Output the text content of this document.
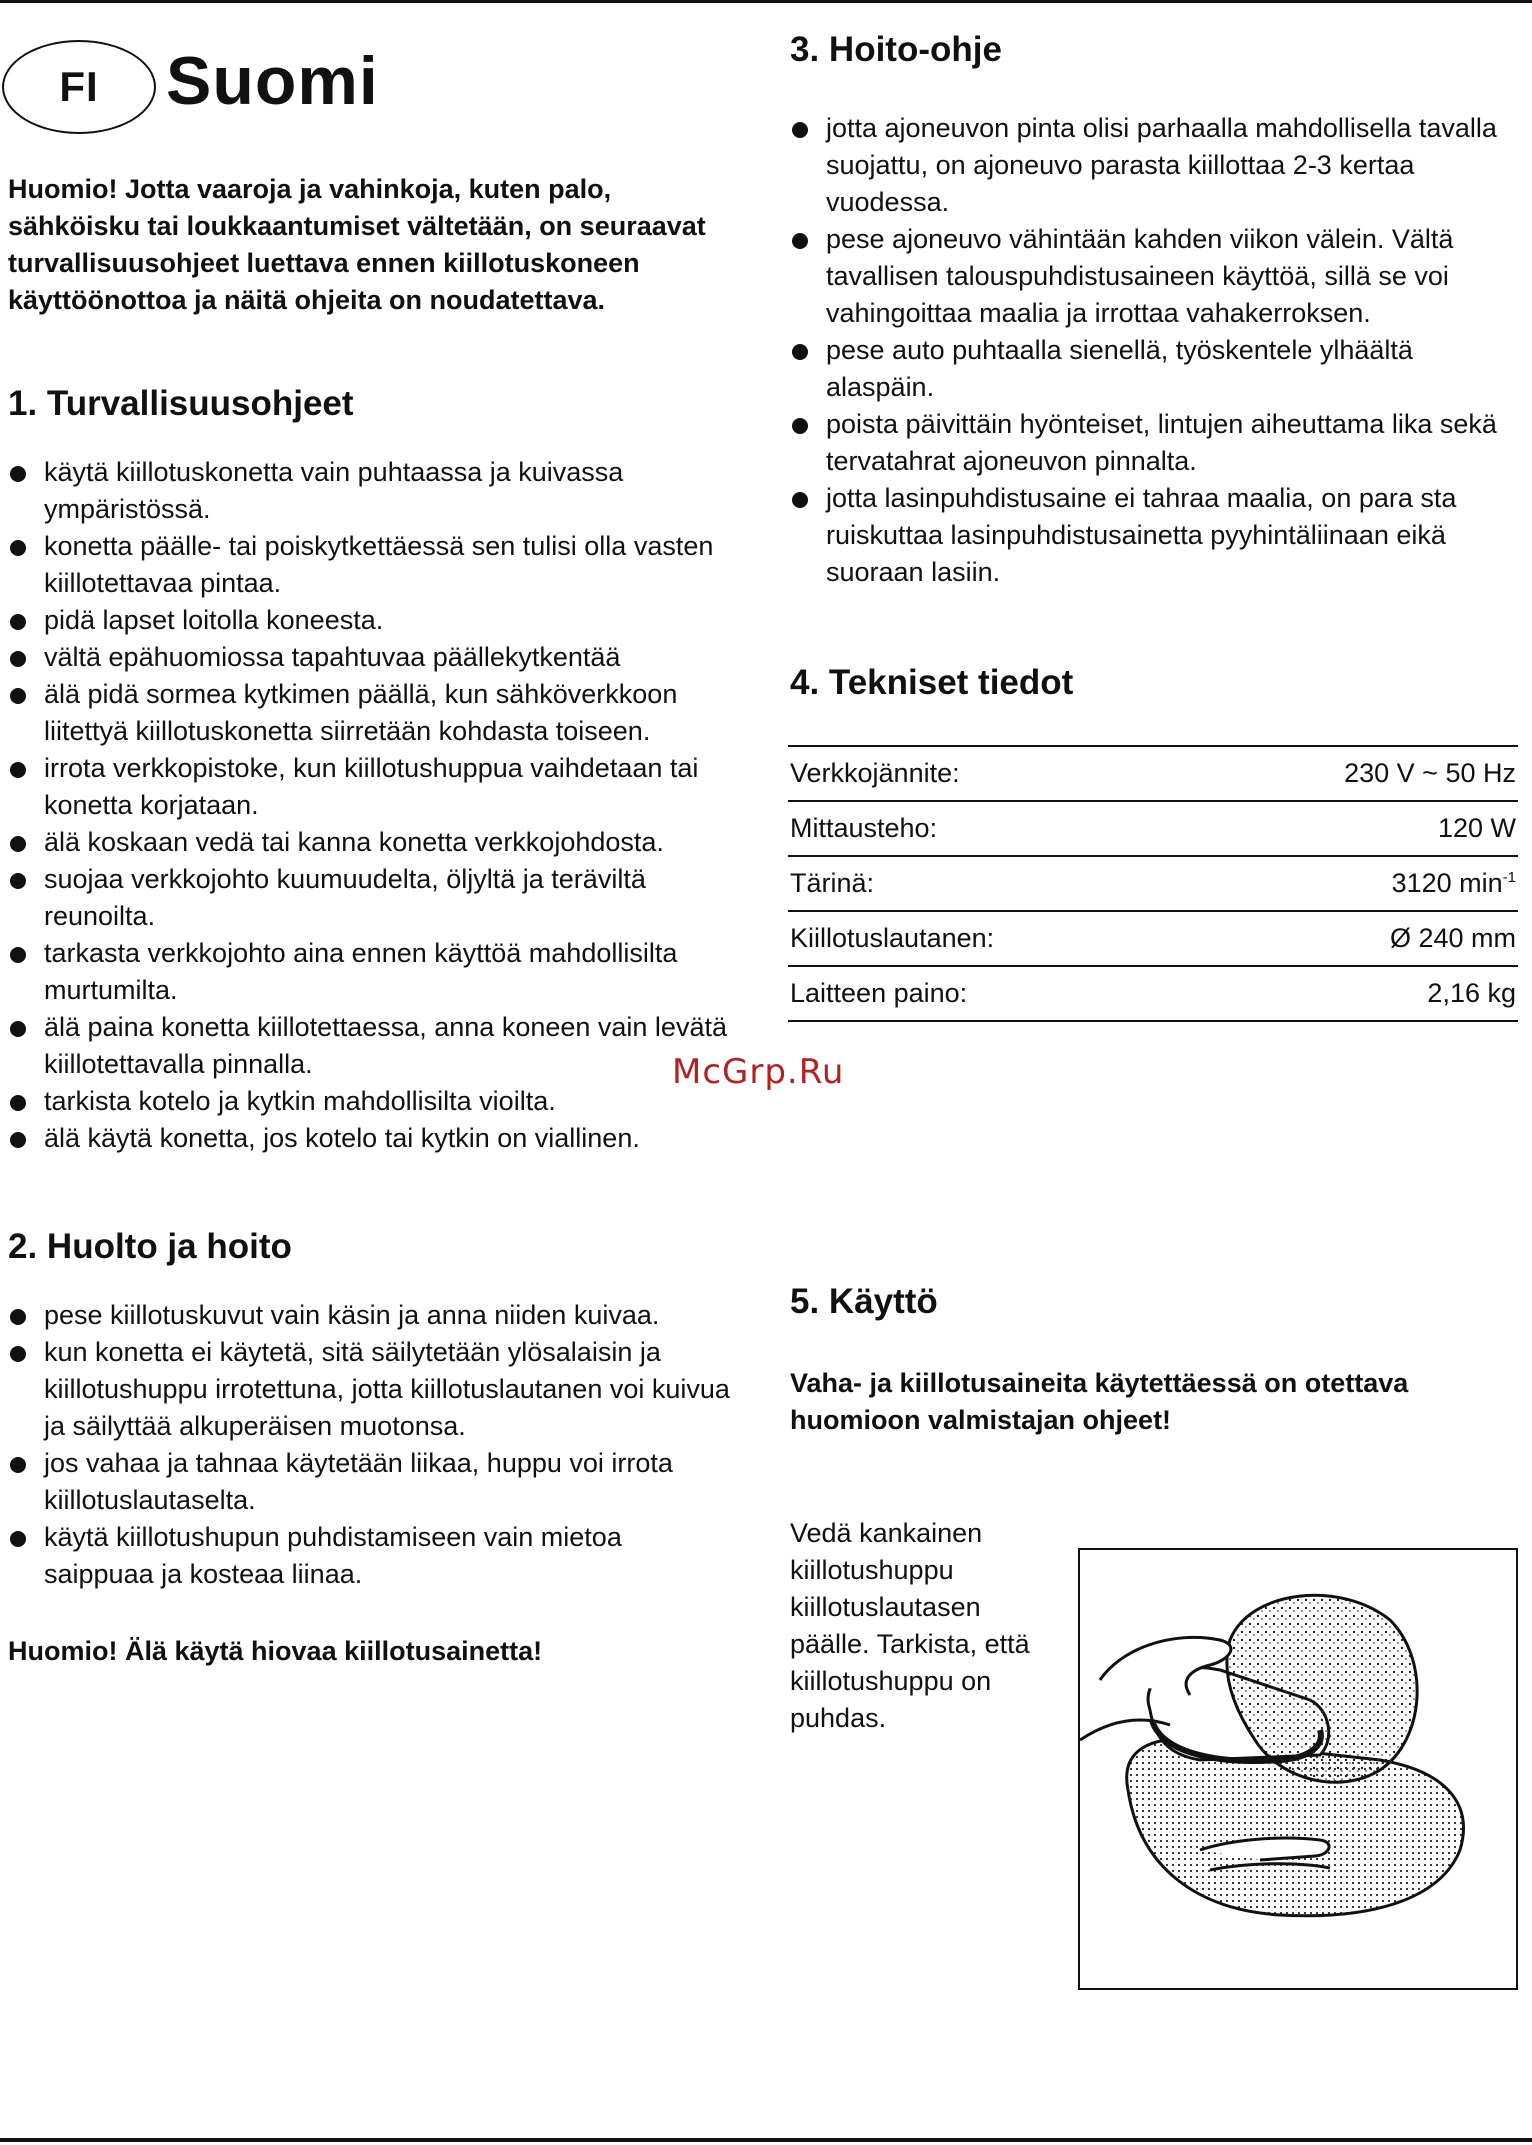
FI Suomi

Huomio! Jotta vaaroja ja vahinkoja, kuten palo, sähköisku tai loukkaantumiset vältetään, on seuraavat turvallisuusohjeet luettava ennen kiillotuskoneen käyttöönottoa ja näitä ohjeita on noudatettava.

1. Turvallisuusohjeet
käytä kiillotuskonetta vain puhtaassa ja kuivassa ympäristössä.
konetta päälle- tai poiskytkettäessä sen tulisi olla vasten kiillotettavaa pintaa.
pidä lapset loitolla koneesta.
vältä epähuomiossa tapahtuvaa päällekytkentää
älä pidä sormea kytkimen päällä, kun sähköverkkoon liitettyä kiillotuskonetta siirretään kohdasta toiseen.
irrota verkkopistoke, kun kiillotushuppua vaihdetaan tai konetta korjataan.
älä koskaan vedä tai kanna konetta verkkojohdosta.
suojaa verkkojohto kuumuudelta, öljyltä ja teräviltä reunoilta.
tarkasta verkkojohto aina ennen käyttöä mahdollisilta murtumilta.
älä paina konetta kiillotettaessa, anna koneen vain levätä kiillotettavalla pinnalla.
tarkista kotelo ja kytkin mahdollisilta vioilta.
älä käytä konetta, jos kotelo tai kytkin on viallinen.
2. Huolto ja hoito
pese kiillotuskuvut vain käsin ja anna niiden kuivaa.
kun konetta ei käytetä, sitä säilytetään ylösalaisin ja kiillotushuppu irrotettuna, jotta kiillotuslautanen voi kuivua ja säilyttää alkuperäisen muotonsa.
jos vahaa ja tahnaa käytetään liikaa, huppu voi irrota kiillotuslautaselta.
käytä kiillotushupun puhdistamiseen vain mietoa saippuaa ja kosteaa liinaa.

Huomio! Älä käytä hiovaa kiillotusainetta!

3. Hoito-ohje
jotta ajoneuvon pinta olisi parhaalla mahdollisella tavalla suojattu, on ajoneuvo parasta kiillottaa 2-3 kertaa vuodessa.
pese ajoneuvo vähintään kahden viikon välein. Vältä tavallisen talouspuhdistusaineen käyttöä, sillä se voi vahingoittaa maalia ja irrottaa vahakerroksen.
pese auto puhtaalla sienellä, työskentele ylhäältä alaspäin.
poista päivittäin hyönteiset, lintujen aiheuttama lika sekä tervatahrat ajoneuvon pinnalta.
jotta lasinpuhdistusaine ei tahraa maalia, on para sta ruiskuttaa lasinpuhdistusainetta pyyhintäliinaan eikä suoraan lasiin.
4. Tekniset tiedot
Verkkojännite:	230 V ~ 50 Hz
Mittausteho:	120 W
Tärinä:	3120 $\min^{-1}$
Kiillotuslautanen:	Ø 240 mm
Laitteen paino:	2,16 kg
5. Käyttö

Vaha- ja kiillotusaineita käytettäessä on otettava huomioon valmistajan ohjeet!

Vedä kankainen kiillotushuppu kiillotuslautasen päälle. Tarkista, että kiillotushuppu on puhdas.

McGrp.Ru
